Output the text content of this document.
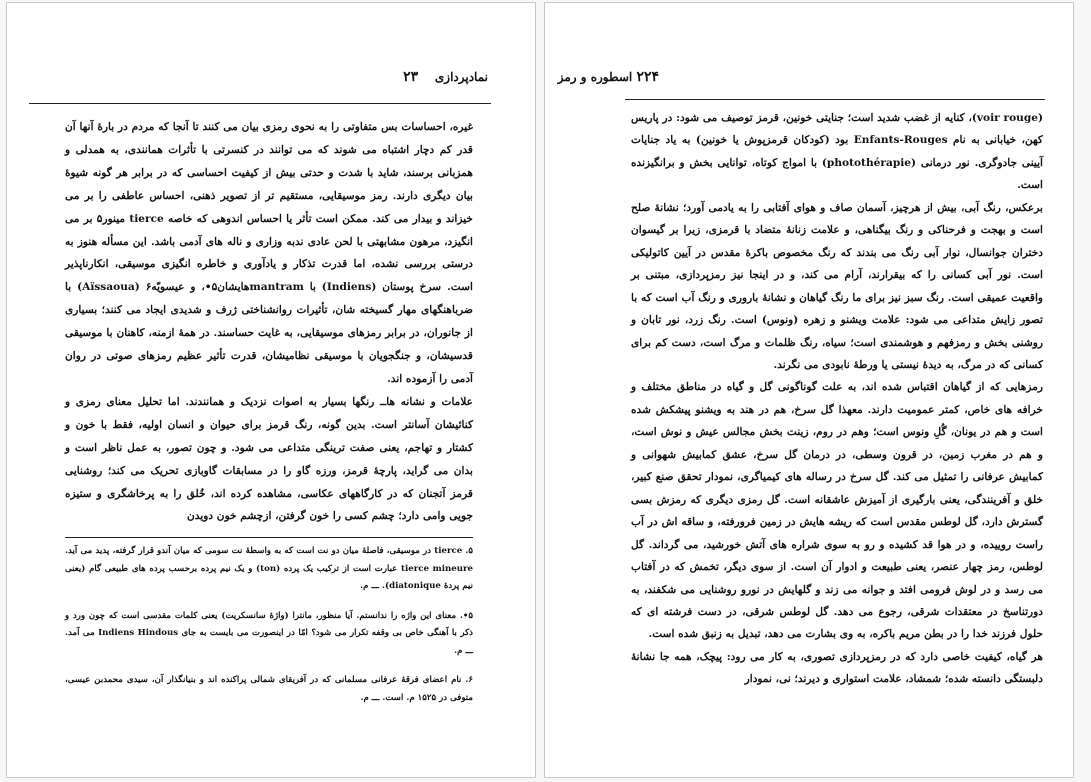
نمادپردازی    ۲۳

غیره، احساسات بس متفاوتی را به نحوی رمزی بیان می کنند تا آنجا که مردم در بارهٔ آنها آن قدر کم دچار اشتباه می شوند که می توانند در کنسرتی با تأثرات همانندی، به همدلی و همزبانی برسند، شاید با شدت و حدتی بیش از کیفیت احساسی که در برابر هر گونه شیوهٔ بیان دیگری دارند. رمز موسیقایی، مستقیم تر از تصویر ذهنی، احساس عاطفی را بر می خیزاند و بیدار می کند. ممکن است تأثر یا احساس اندوهی که خاصه tierce مینور۵ بر می انگیزد، مرهون مشابهتی با لحن عادی ندبه وزاری و ناله های آدمی باشد. این مسأله هنوز به درستی بررسی نشده، اما قدرت تذکار و یادآوری و خاطره انگیزی موسیقی، انکارناپذیر است. سرخ پوستان (Indiens) با mantramهایشان۵•، و عیسویّه۶ (Aïssaoua) با ضرباهنگهای مهار گسیخته شان، تأثیرات روانشناختی ژرف و شدیدی ایجاد می کنند؛ بسیاری از جانوران، در برابر رمزهای موسیقایی، به غایت حساسند. در همهٔ ازمنه، کاهنان با موسیقی قدسیشان، و جنگجویان با موسیقی نظامیشان، قدرت تأثیر عظیم رمزهای صوتی در روان آدمی را آزموده اند.

علامات و نشانه هاــ رنگها بسیار به اصوات نزدیک و همانندند. اما تحلیل معنای رمزی و کنائیشان آسانتر است. بدین گونه، رنگ قرمز برای حیوان و انسان اولیه، فقط با خون و کشتار و تهاجم، یعنی صفت ترینگی متداعی می شود. و چون تصور، به عمل ناظر است و بدان می گراید، پارچهٔ قرمز، ورزه گاو را در مسابقات گاوبازی تحریک می کند؛ روشنایی قرمز آتجنان که در کارگاههای عکاسی، مشاهده کرده اند، خُلق را به پرخاشگری و ستیزه جویی وامی دارد؛ چشم کسی را خون گرفتن، ازچشم خون دویدن

۵. tierce در موسیقی، فاصلهٔ میان دو نت است که به واسطهٔ نت سومی که میان آندو قرار گرفته، پدید می آید. tierce mineure عبارت است از ترکیب یک پرده (ton) و یک نیم پرده برحسب پرده های طبیعی گام (یعنی نیم پردهٔ diatonique). ـــ م.

۵•. معنای این واژه را ندانستم. آیا منظور، مانترا (واژهٔ سانسکریت) یعنی کلمات مقدسی است که چون ورد و ذکر با آهنگی خاص بی وقفه تکرار می شود؟ امّا در اینصورت می بایست به جای Indiens Hindous می آمد. ـــ م.

۶. نام اعضای فرقهٔ عرفانی مسلمانی که در آفریقای شمالی پراکنده اند و بنیانگذار آن، سیدی محمدبن عیسی، متوفی در ۱۵۲۵ م. است. ـــ م.

۲۲۴ اسطوره و رمز

(voir rouge)، کنایه از غضب شدید است؛ جنایتی خونین، قرمز توصیف می شود: در پاریس کهن، خیابانی به نام Enfants-Rouges بود (کودکان قرمزپوش یا خونین) به یاد جنایات آیینی جادوگری. نور درمانی (photothérapie) با امواج کوتاه، توانایی بخش و برانگیزنده است.

برعکس، رنگ آبی، بیش از هرچیز، آسمان صاف و هوای آفتابی را به یادمی آورد؛ نشانهٔ صلح است و بهجت و فرحناکی و رنگ بیگناهی، و علامت زنانهٔ متضاد با قرمزی، زیرا بر گیسوان دختران جوانسال، نوار آبی رنگ می بندند که رنگ مخصوص باکرهٔ مقدس در آیین کاتولیکی است. نور آبی کسانی را که بیقرارند، آرام می کند، و در اینجا نیز رمزپردازی، مبتنی بر واقعیت عمیقی است. رنگ سبز نیز برای ما رنگ گیاهان و نشانهٔ باروری و رنگ آب است که با تصور زایش متداعی می شود: علامت ویشنو و زهره (ونوس) است. رنگ زرد، نور تابان و روشنی بخش و رمزفهم و هوشمندی است؛ سیاه، رنگ ظلمات و مرگ است، دست کم برای کسانی که در مرگ، به دیدهٔ نیستی یا ورطهٔ نابودی می نگرند.

رمزهایی که از گیاهان اقتباس شده اند، به علت گوناگونی گل و گیاه در مناطق مختلف و خرافه های خاص، کمتر عمومیت دارند. معهذا گل سرخ، هم در هند به ویشنو پیشکش شده است و هم در یونان، گُلِ ونوس است؛ وهم در روم، زینت بخش مجالس عیش و نوش است، و هم در مغرب زمین، در قرون وسطی، در درمان گل سرخ، عشق کمابیش شهوانی و کمابیش عرفانی را تمثیل می کند. گل سرخ در رساله های کیمیاگری، نمودار تحقق صنع کبیر، خلق و آفرینندگی، یعنی بارگیری از آمیزش عاشقانه است. گل رمزی دیگری که رمزش بسی گسترش دارد، گل لوطس مقدس است که ریشه هایش در زمین فرورفته، و ساقه اش در آب راست روییده، و در هوا قد کشیده و رو به سوی شراره های آتش خورشید، می گرداند. گل لوطس، رمز چهار عنصر، یعنی طبیعت و ادوار آن است. از سوی دیگر، تخمش که در آفتاب می رسد و در لوش فرومی افتد و جوانه می زند و گلهایش در نورو روشنایی می شکفند، به دورتناسخ در معتقدات شرقی، رجوع می دهد. گل لوطس شرقی، در دست فرشته ای که حلول فرزند خدا را در بطن مریم باکره، به وی بشارت می دهد، تبدیل به زنبق شده است.

هر گیاه، کیفیت خاصی دارد که در رمزپردازی تصوری، به کار می رود: پیچک، همه جا نشانهٔ دلبستگی دانسته شده؛ شمشاد، علامت استواری و دیرند؛ نی، نمودار
